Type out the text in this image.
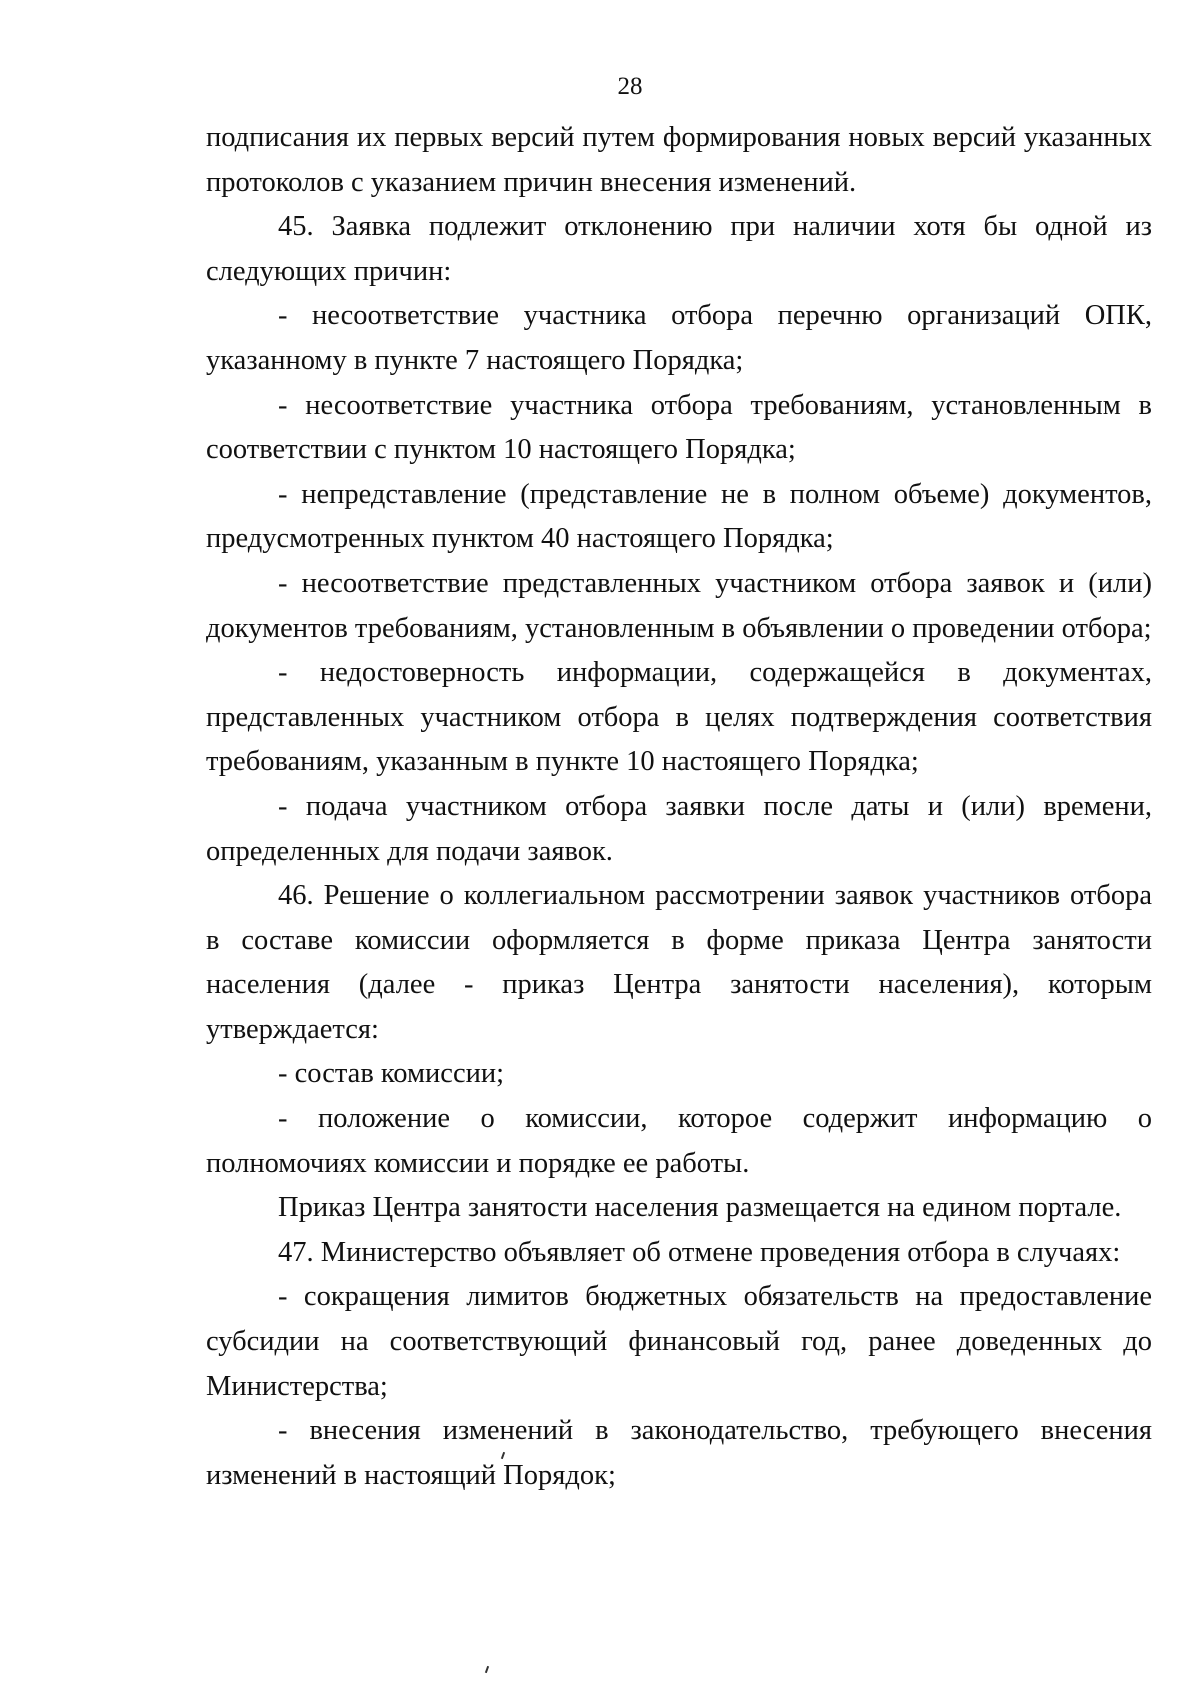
28

подписания их первых версий путем формирования новых версий указанных протоколов с указанием причин внесения изменений.

45. Заявка подлежит отклонению при наличии хотя бы одной из следующих причин:

- несоответствие участника отбора перечню организаций ОПК, указанному в пункте 7 настоящего Порядка;

- несоответствие участника отбора требованиям, установленным в соответствии с пунктом 10 настоящего Порядка;

- непредставление (представление не в полном объеме) документов, предусмотренных пунктом 40 настоящего Порядка;

- несоответствие представленных участником отбора заявок и (или) документов требованиям, установленным в объявлении о проведении отбора;

- недостоверность информации, содержащейся в документах, представленных участником отбора в целях подтверждения соответствия требованиям, указанным в пункте 10 настоящего Порядка;

- подача участником отбора заявки после даты и (или) времени, определенных для подачи заявок.

46. Решение о коллегиальном рассмотрении заявок участников отбора в составе комиссии оформляется в форме приказа Центра занятости населения (далее - приказ Центра занятости населения), которым утверждается:

- состав комиссии;

- положение о комиссии, которое содержит информацию о полномочиях комиссии и порядке ее работы.

Приказ Центра занятости населения размещается на едином портале.

47. Министерство объявляет об отмене проведения отбора в случаях:

- сокращения лимитов бюджетных обязательств на предоставление субсидии на соответствующий финансовый год, ранее доведенных до Министерства;

- внесения изменений в законодательство, требующего внесения изменений в настоящий Порядок;
